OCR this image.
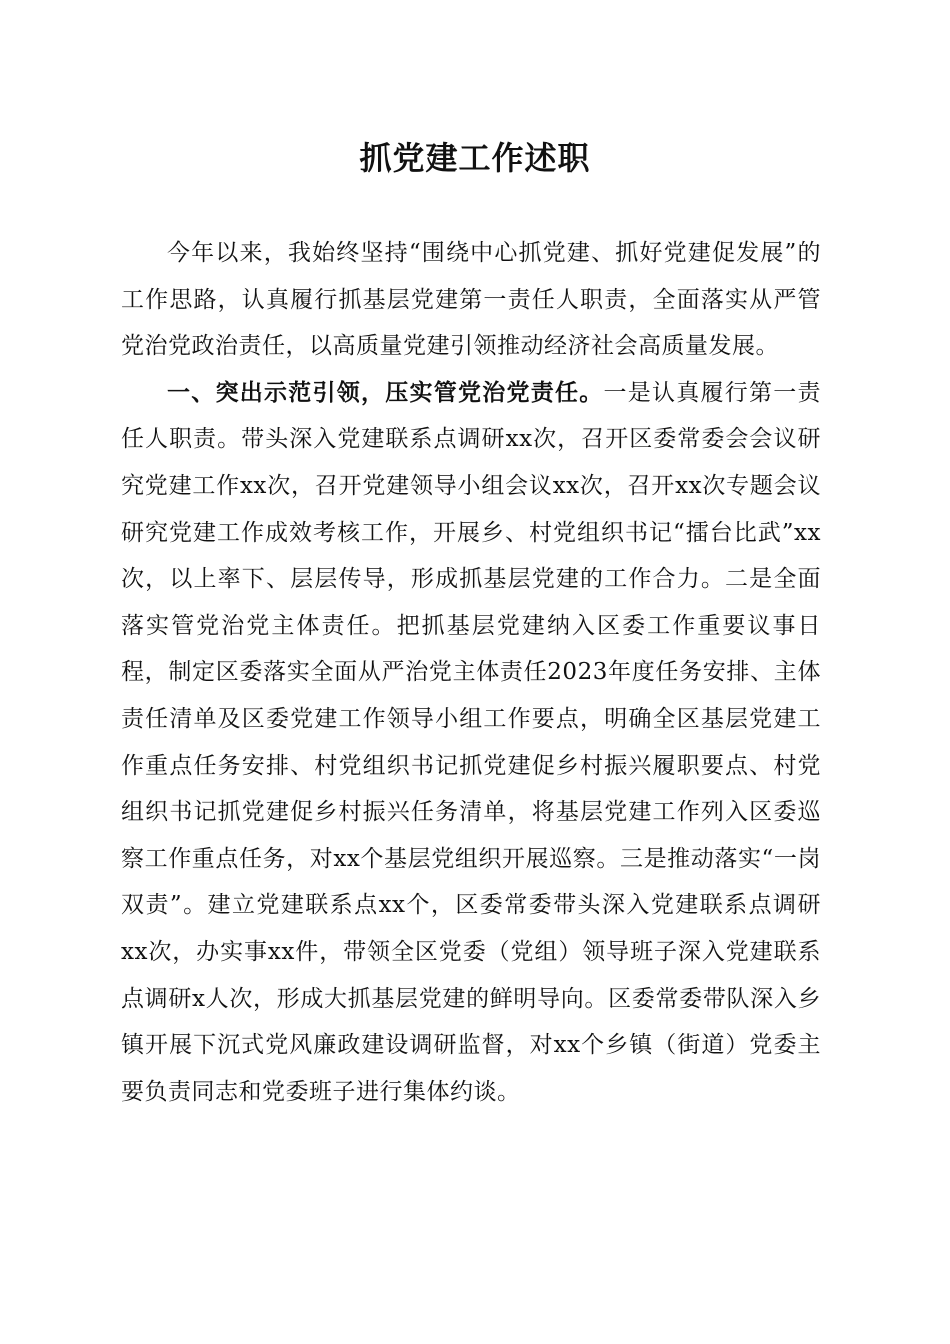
抓党建工作述职

今年以来，我始终坚持“围绕中心抓党建、抓好党建促发展”的工作思路，认真履行抓基层党建第一责任人职责，全面落实从严管党治党政治责任，以高质量党建引领推动经济社会高质量发展。

一、突出示范引领，压实管党治党责任。一是认真履行第一责任人职责。带头深入党建联系点调研xx次，召开区委常委会会议研究党建工作xx次，召开党建领导小组会议xx次，召开xx次专题会议研究党建工作成效考核工作，开展乡、村党组织书记“擂台比武”xx次，以上率下、层层传导，形成抓基层党建的工作合力。二是全面落实管党治党主体责任。把抓基层党建纳入区委工作重要议事日程，制定区委落实全面从严治党主体责任2023年度任务安排、主体责任清单及区委党建工作领导小组工作要点，明确全区基层党建工作重点任务安排、村党组织书记抓党建促乡村振兴履职要点、村党组织书记抓党建促乡村振兴任务清单，将基层党建工作列入区委巡察工作重点任务，对xx个基层党组织开展巡察。三是推动落实“一岗双责”。建立党建联系点xx个，区委常委带头深入党建联系点调研xx次，办实事xx件，带领全区党委（党组）领导班子深入党建联系点调研x人次，形成大抓基层党建的鲜明导向。区委常委带队深入乡镇开展下沉式党风廉政建设调研监督，对xx个乡镇（街道）党委主要负责同志和党委班子进行集体约谈。
